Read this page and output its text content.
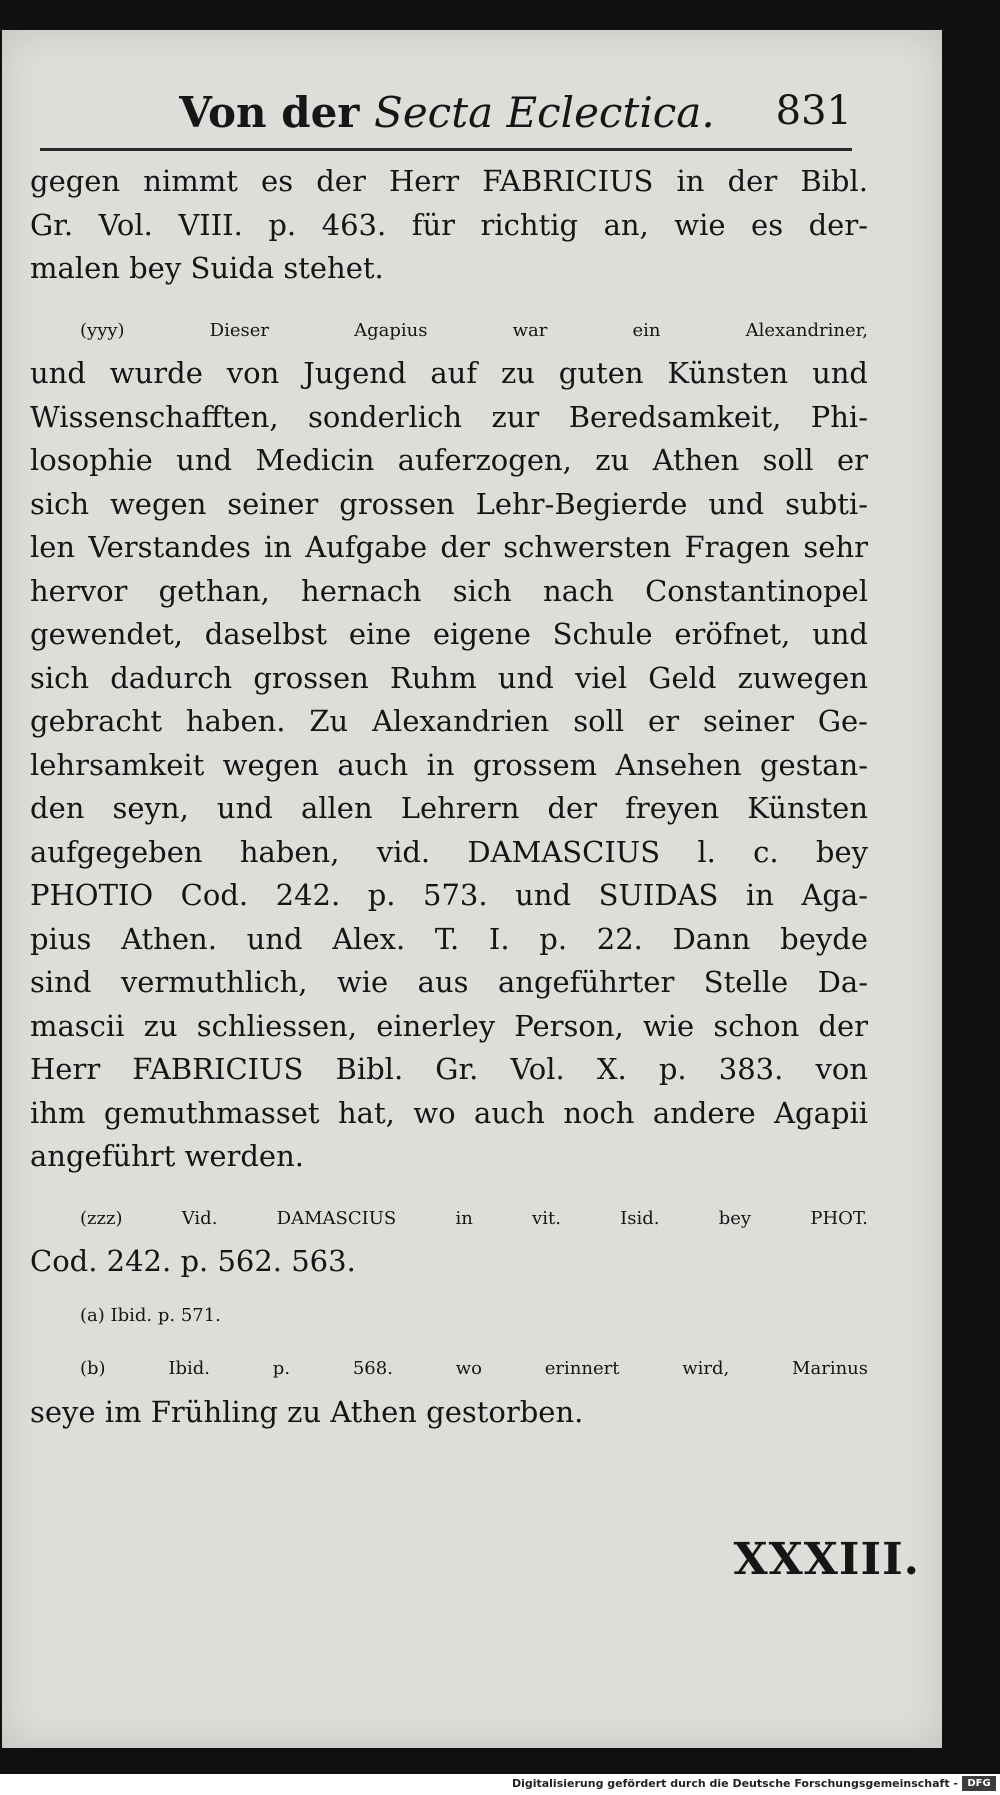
Von der Secta Eclectica.	831

gegen nimmt es der Herr FABRICIUS in der Bibl.
Gr. Vol. VIII. p. 463. für richtig an, wie es der-
malen bey Suida stehet.

(yyy) Dieser Agapius war ein Alexandriner,
und wurde von Jugend auf zu guten Künsten und
Wissenschafften, sonderlich zur Beredsamkeit, Phi-
losophie und Medicin auferzogen, zu Athen soll er
sich wegen seiner grossen Lehr-Begierde und subti-
len Verstandes in Aufgabe der schwersten Fragen sehr
hervor gethan, hernach sich nach Constantinopel
gewendet, daselbst eine eigene Schule eröfnet, und
sich dadurch grossen Ruhm und viel Geld zuwegen
gebracht haben. Zu Alexandrien soll er seiner Ge-
lehrsamkeit wegen auch in grossem Ansehen gestan-
den seyn, und allen Lehrern der freyen Künsten
aufgegeben haben, vid. DAMASCIUS l. c. bey
PHOTIO Cod. 242. p. 573. und SUIDAS in Aga-
pius Athen. und Alex. T. I. p. 22. Dann beyde
sind vermuthlich, wie aus angeführter Stelle Da-
mascii zu schliessen, einerley Person, wie schon der
Herr FABRICIUS Bibl. Gr. Vol. X. p. 383. von
ihm gemuthmasset hat, wo auch noch andere Agapii
angeführt werden.

(zzz) Vid. DAMASCIUS in vit. Isid. bey PHOT.
Cod. 242. p. 562. 563.

(a) Ibid. p. 571.

(b) Ibid. p. 568. wo erinnert wird, Marinus
seye im Frühling zu Athen gestorben.

XXXIII.
Digitalisierung gefördert durch die Deutsche Forschungsgemeinschaft - DFG
